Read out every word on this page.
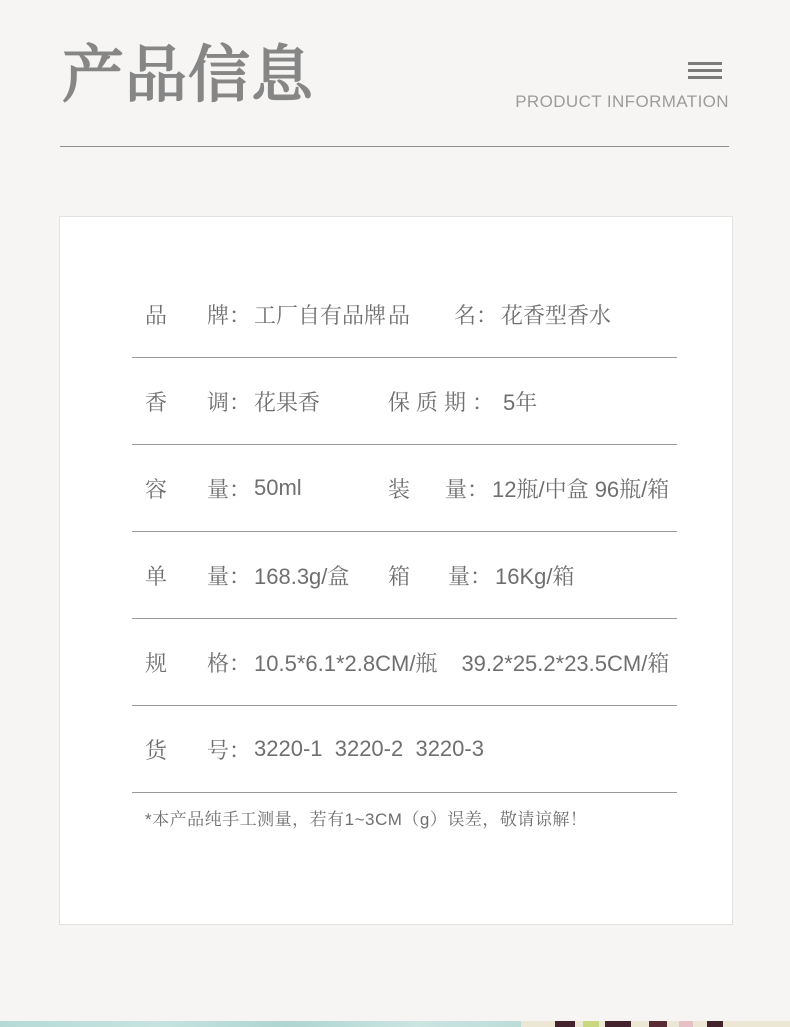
产品信息	PRODUCT INFORMATION
品 牌： 工厂自有品牌 品 名： 花香型香水
香 调： 花果香	保质期： 5年
容 量： 50ml	装 量： 12瓶/中盒 96瓶/箱
单 量： 168.3g/盒 箱 量： 16Kg/箱
规 格： 10.5*6.1*2.8CM/瓶 39.2*25.2*23.5CM/箱
货 号： 3220-1  3220-2  3220-3
*本产品纯手工测量，若有1~3CM（g）误差，敬请谅解！
